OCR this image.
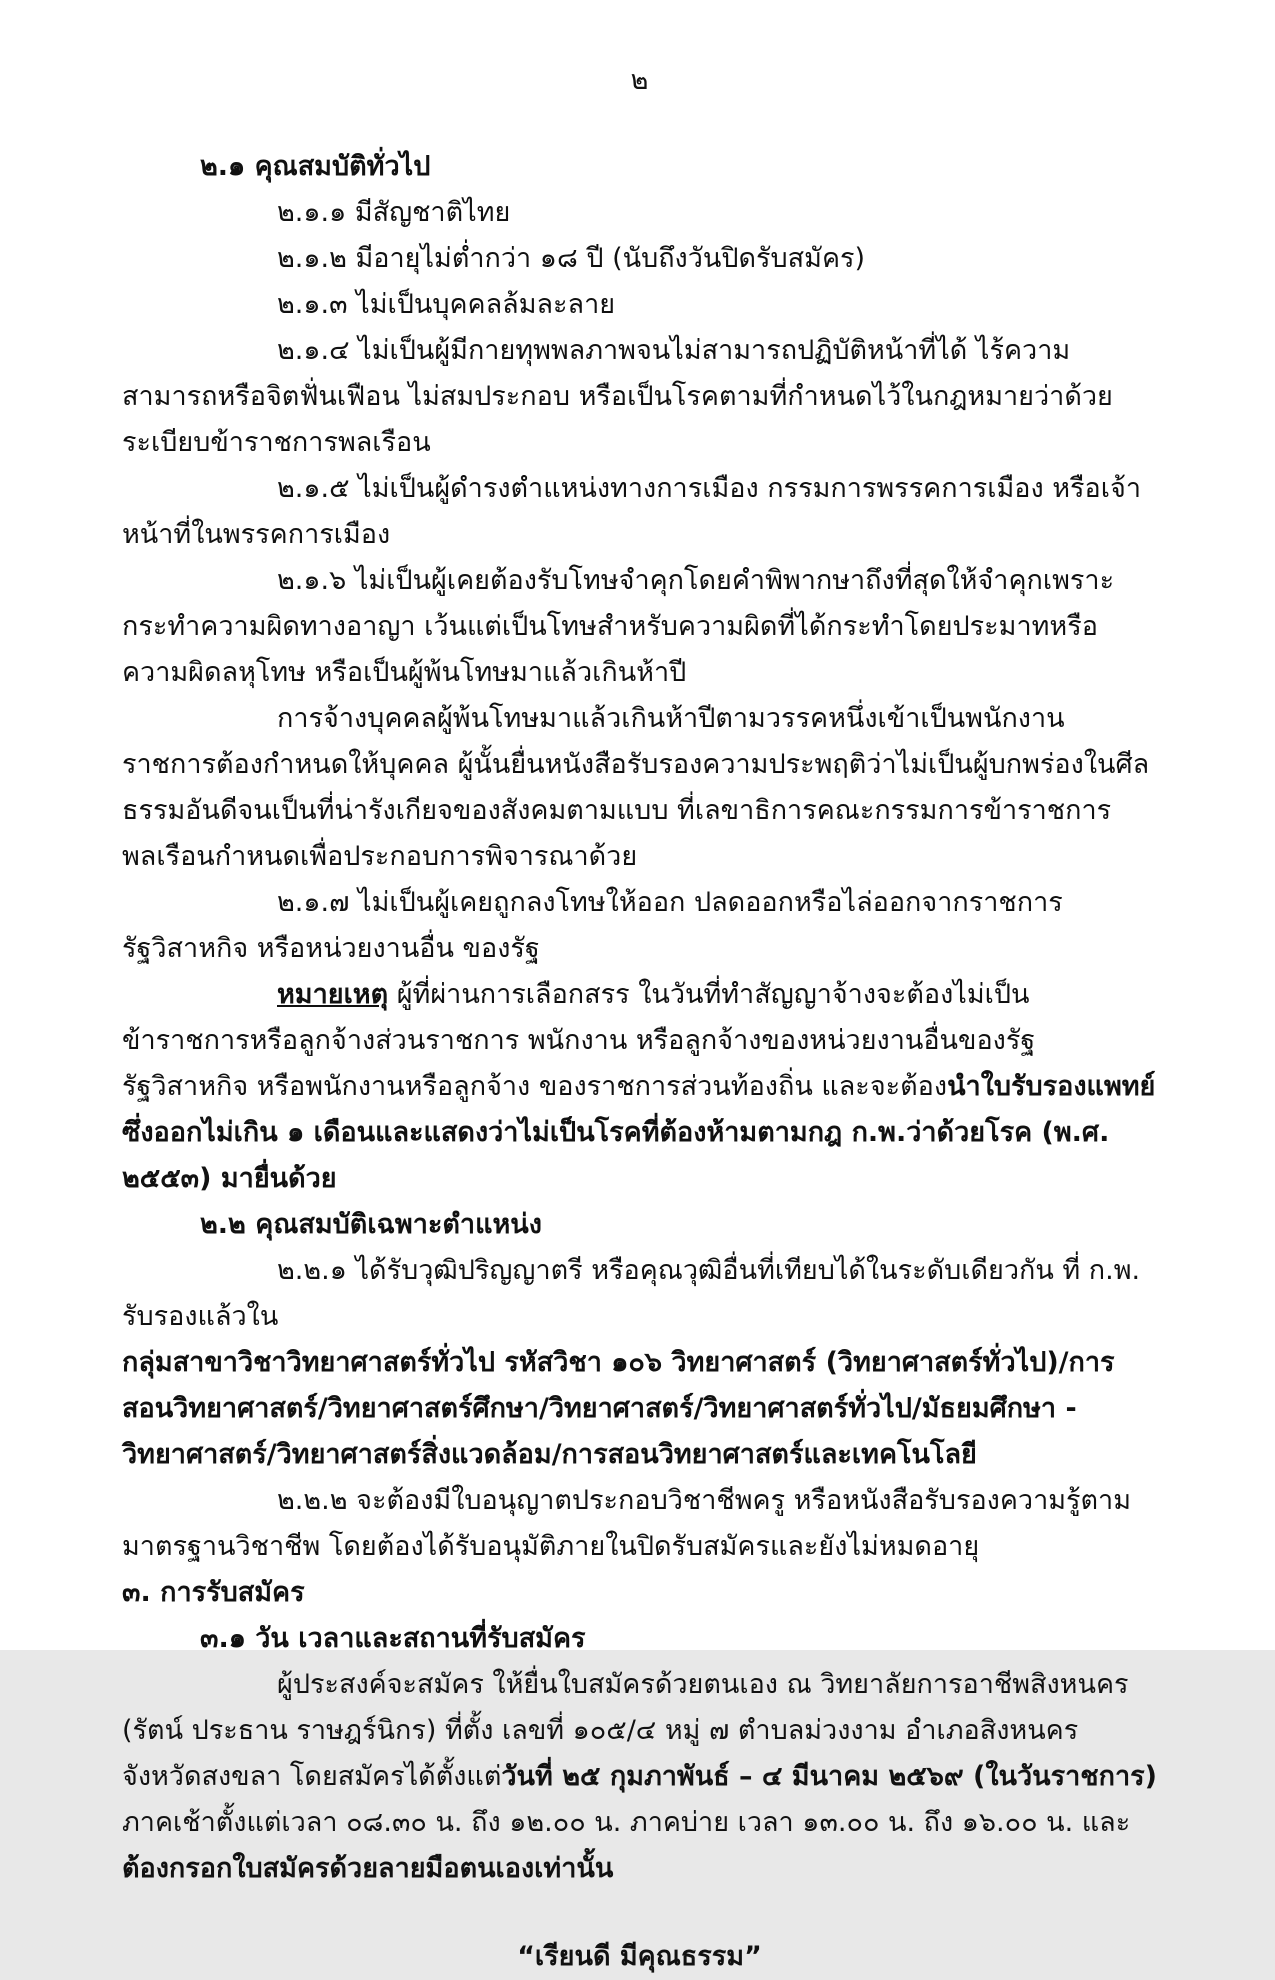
๒

๒.๑ คุณสมบัติทั่วไป

๒.๑.๑ มีสัญชาติไทย

๒.๑.๒ มีอายุไม่ต่ำกว่า ๑๘ ปี (นับถึงวันปิดรับสมัคร)

๒.๑.๓ ไม่เป็นบุคคลล้มละลาย

๒.๑.๔ ไม่เป็นผู้มีกายทุพพลภาพจนไม่สามารถปฏิบัติหน้าที่ได้ ไร้ความสามารถหรือจิตฟั่นเฟือน ไม่สมประกอบ หรือเป็นโรคตามที่กำหนดไว้ในกฎหมายว่าด้วยระเบียบข้าราชการพลเรือน

๒.๑.๕ ไม่เป็นผู้ดำรงตำแหน่งทางการเมือง กรรมการพรรคการเมือง หรือเจ้าหน้าที่ในพรรคการเมือง

๒.๑.๖ ไม่เป็นผู้เคยต้องรับโทษจำคุกโดยคำพิพากษาถึงที่สุดให้จำคุกเพราะกระทำความผิดทางอาญา เว้นแต่เป็นโทษสำหรับความผิดที่ได้กระทำโดยประมาทหรือความผิดลหุโทษ หรือเป็นผู้พ้นโทษมาแล้วเกินห้าปี

การจ้างบุคคลผู้พ้นโทษมาแล้วเกินห้าปีตามวรรคหนึ่งเข้าเป็นพนักงานราชการต้องกำหนดให้บุคคล ผู้นั้นยื่นหนังสือรับรองความประพฤติว่าไม่เป็นผู้บกพร่องในศีลธรรมอันดีจนเป็นที่น่ารังเกียจของสังคมตามแบบ ที่เลขาธิการคณะกรรมการข้าราชการพลเรือนกำหนดเพื่อประกอบการพิจารณาด้วย

๒.๑.๗ ไม่เป็นผู้เคยถูกลงโทษให้ออก ปลดออกหรือไล่ออกจากราชการ รัฐวิสาหกิจ หรือหน่วยงานอื่น ของรัฐ

หมายเหตุ ผู้ที่ผ่านการเลือกสรร ในวันที่ทำสัญญาจ้างจะต้องไม่เป็นข้าราชการหรือลูกจ้างส่วนราชการ พนักงาน หรือลูกจ้างของหน่วยงานอื่นของรัฐ รัฐวิสาหกิจ หรือพนักงานหรือลูกจ้าง ของราชการส่วนท้องถิ่น และจะต้องนำใบรับรองแพทย์ ซึ่งออกไม่เกิน ๑ เดือนและแสดงว่าไม่เป็นโรคที่ต้องห้ามตามกฎ ก.พ.ว่าด้วยโรค (พ.ศ. ๒๕๕๓) มายื่นด้วย

๒.๒ คุณสมบัติเฉพาะตำแหน่ง

๒.๒.๑ ได้รับวุฒิปริญญาตรี หรือคุณวุฒิอื่นที่เทียบได้ในระดับเดียวกัน ที่ ก.พ. รับรองแล้วใน

กลุ่มสาขาวิชาวิทยาศาสตร์ทั่วไป รหัสวิชา ๑๐๖ วิทยาศาสตร์ (วิทยาศาสตร์ทั่วไป)/การสอนวิทยาศาสตร์/วิทยาศาสตร์ศึกษา/วิทยาศาสตร์/วิทยาศาสตร์ทั่วไป/มัธยมศึกษา - วิทยาศาสตร์/วิทยาศาสตร์สิ่งแวดล้อม/การสอนวิทยาศาสตร์และเทคโนโลยี

๒.๒.๒ จะต้องมีใบอนุญาตประกอบวิชาชีพครู หรือหนังสือรับรองความรู้ตามมาตรฐานวิชาชีพ โดยต้องได้รับอนุมัติภายในปิดรับสมัครและยังไม่หมดอายุ

๓. การรับสมัคร

๓.๑ วัน เวลาและสถานที่รับสมัคร

ผู้ประสงค์จะสมัคร ให้ยื่นใบสมัครด้วยตนเอง ณ วิทยาลัยการอาชีพสิงหนคร (รัตน์ ประธาน ราษฎร์นิกร) ที่ตั้ง เลขที่ ๑๐๕/๔ หมู่ ๗ ตำบลม่วงงาม อำเภอสิงหนคร จังหวัดสงขลา โดยสมัครได้ตั้งแต่วันที่ ๒๕ กุมภาพันธ์ – ๔ มีนาคม ๒๕๖๙ (ในวันราชการ) ภาคเช้าตั้งแต่เวลา ๐๘.๓๐ น. ถึง ๑๒.๐๐ น. ภาคบ่าย เวลา ๑๓.๐๐ น. ถึง ๑๖.๐๐ น. และ ต้องกรอกใบสมัครด้วยลายมือตนเองเท่านั้น

“เรียนดี มีคุณธรรม”
